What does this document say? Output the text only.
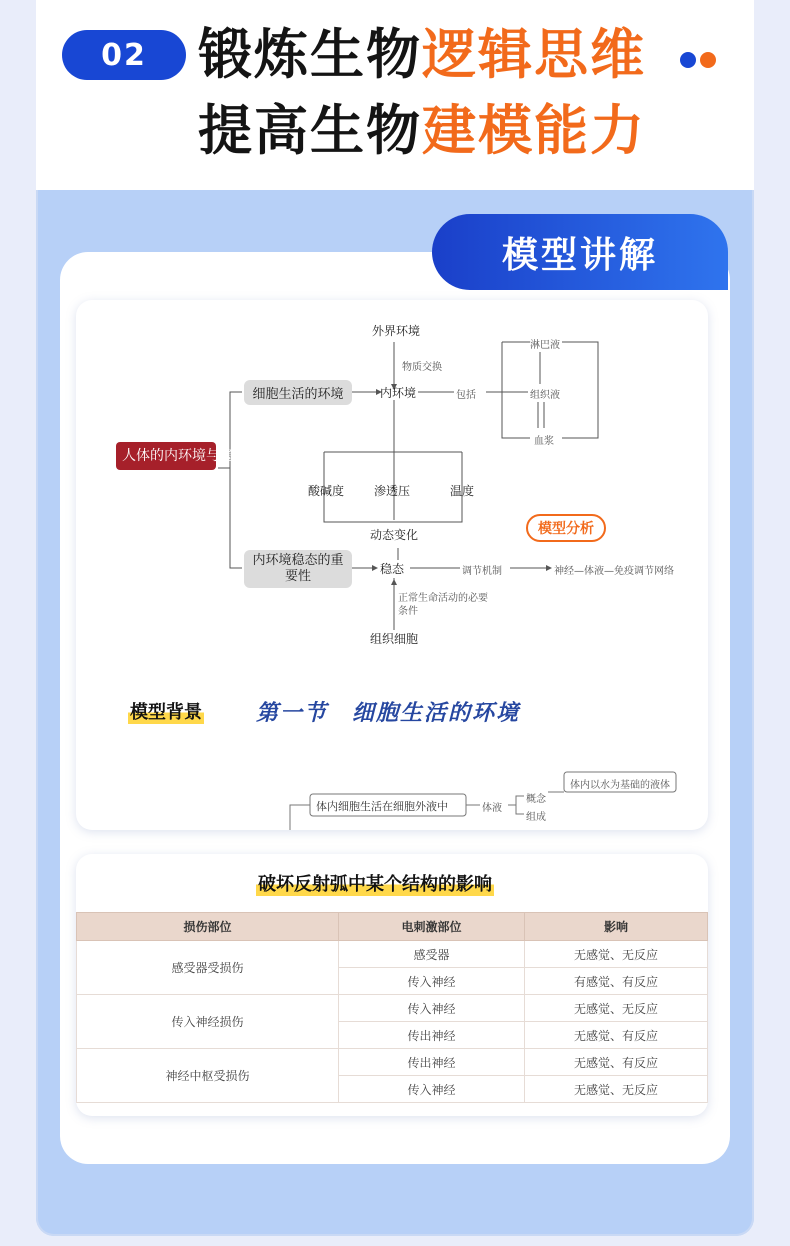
02 锻炼生物逻辑思维
提高生物建模能力
模型讲解
人体的内环境与稳态
细胞生活的环境
内环境稳态的重要性
外界环境
物质交换
内环境	包括
淋巴液
组织液
血浆
酸碱度 渗透压	温度
动态变化	模型分析
稳态	调节机制	神经—体液—免疫调节网络
正常生命活动的必要条件
组织细胞
模型背景 第一节　细胞生活的环境
体内细胞生活在细胞外液中	体液
概念
组成
体内以水为基础的液体
破坏反射弧中某个结构的影响
损伤部位	电刺激部位	影响
感受器受损伤	感受器	无感觉、无反应
	传入神经	有感觉、有反应
传入神经损伤	传入神经	无感觉、无反应
	传出神经	无感觉、有反应
神经中枢受损伤	传出神经	无感觉、有反应
	传入神经	无感觉、无反应
